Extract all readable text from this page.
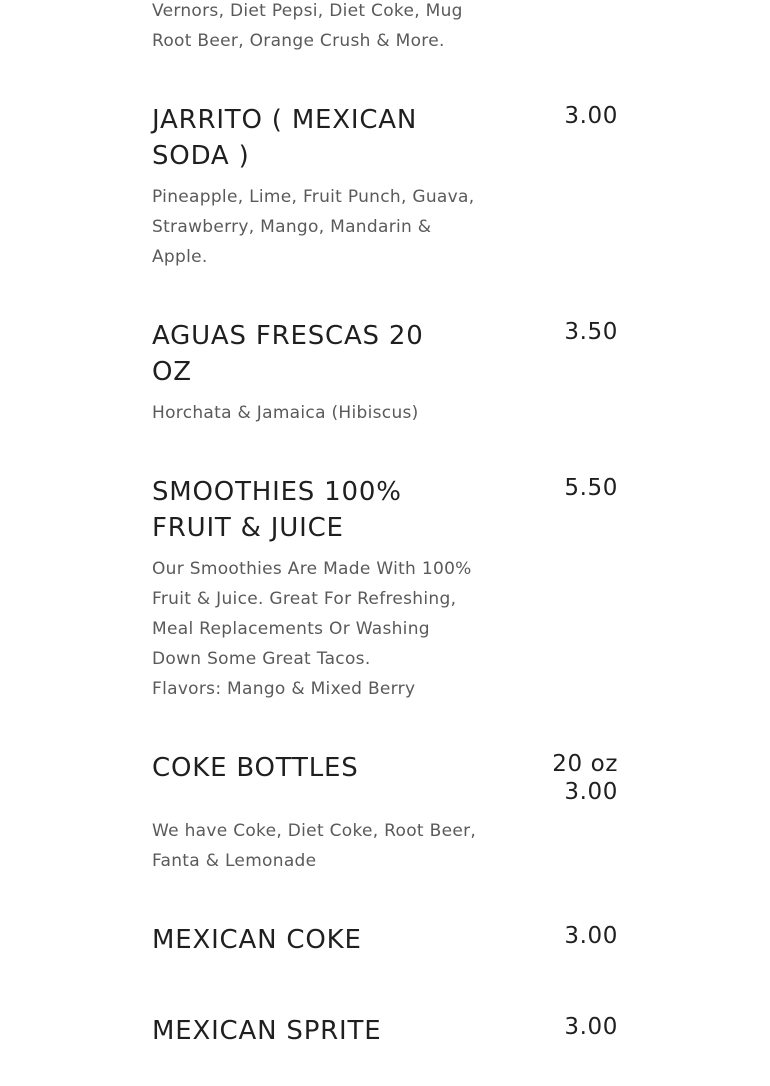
Vernors, Diet Pepsi, Diet Coke, Mug
Root Beer, Orange Crush & More.

JARRITO ( MEXICAN
SODA )
3.00

Pineapple, Lime, Fruit Punch, Guava,
Strawberry, Mango, Mandarin &
Apple.

AGUAS FRESCAS 20
OZ
3.50

Horchata & Jamaica (Hibiscus)

SMOOTHIES 100%
FRUIT & JUICE
5.50

Our Smoothies Are Made With 100%
Fruit & Juice. Great For Refreshing,
Meal Replacements Or Washing
Down Some Great Tacos.
Flavors: Mango & Mixed Berry

COKE BOTTLES	20 oz
3.00

We have Coke, Diet Coke, Root Beer,
Fanta & Lemonade

MEXICAN COKE	3.00
MEXICAN SPRITE	3.00
